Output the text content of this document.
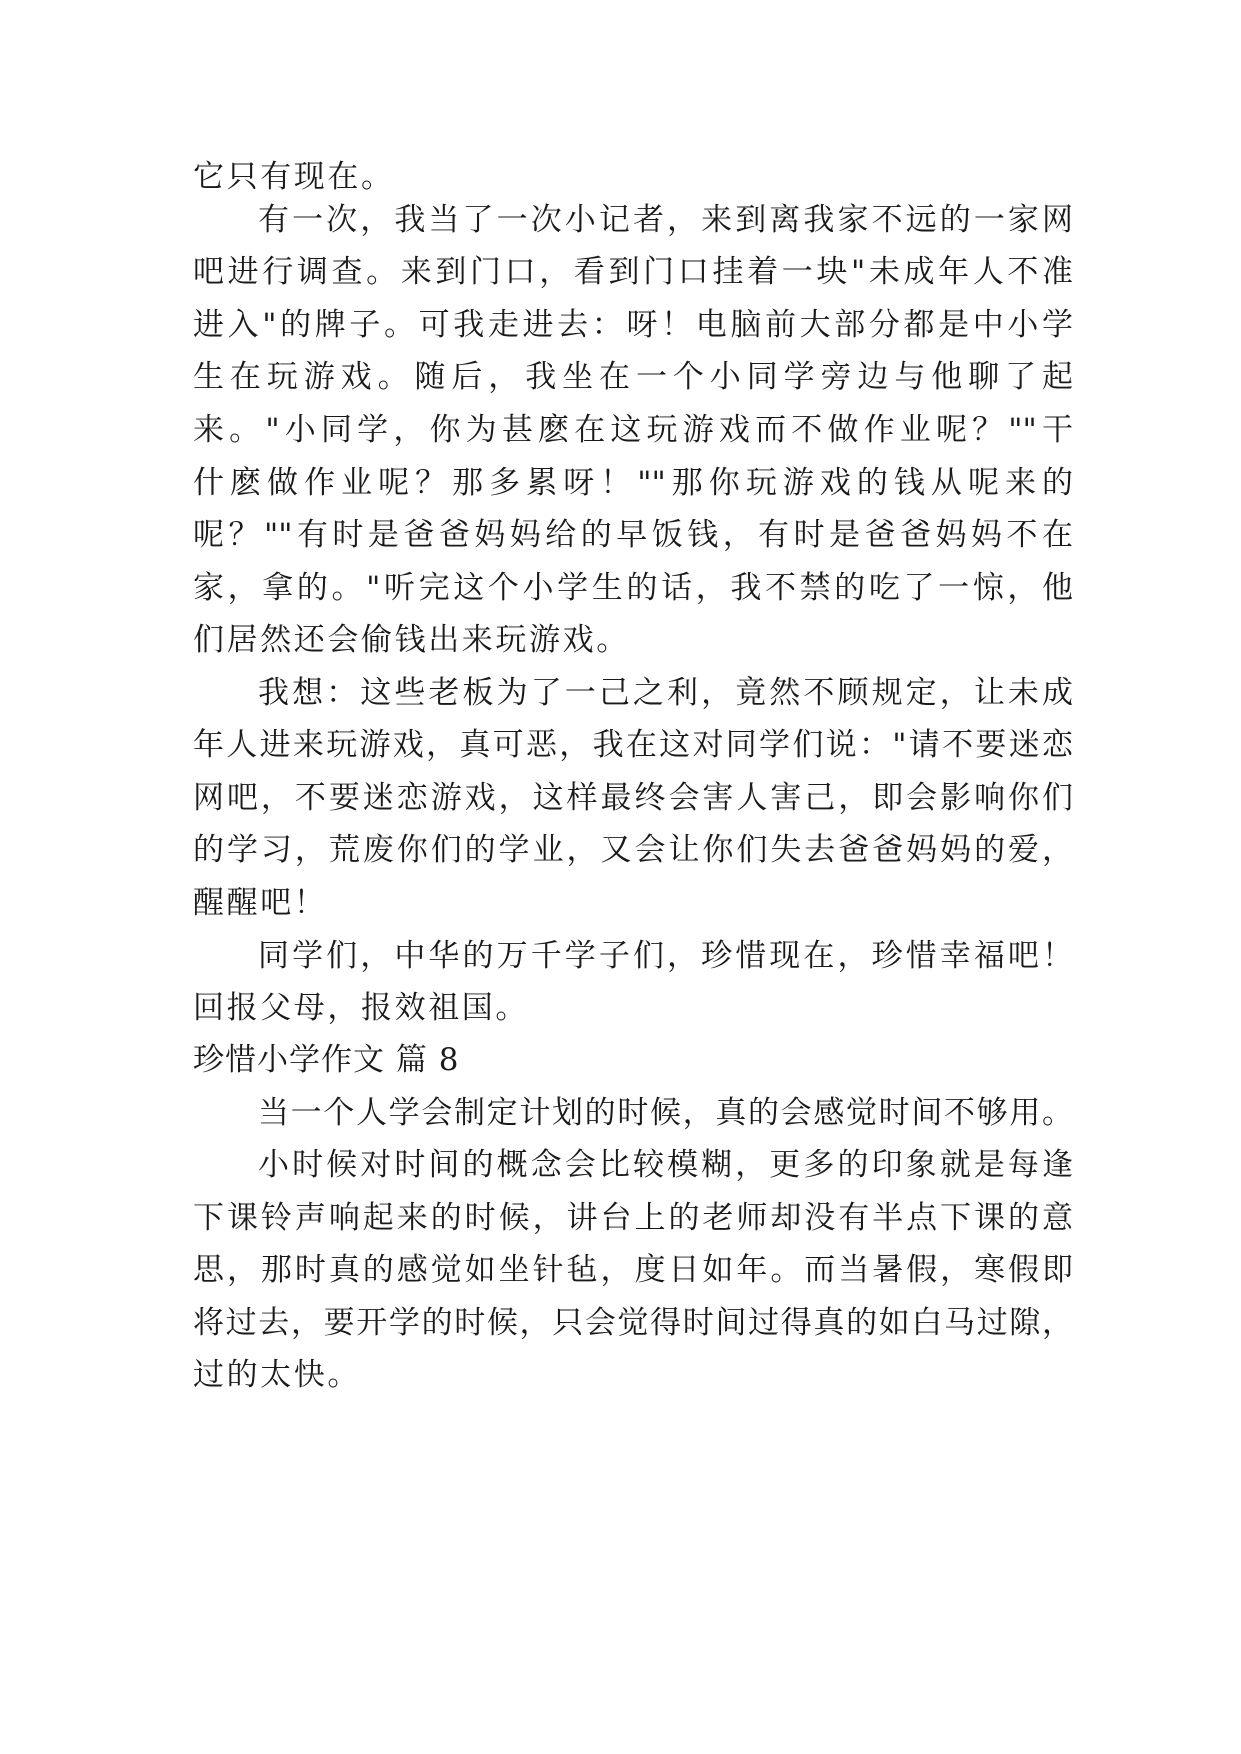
它只有现在。
有一次，我当了一次小记者，来到离我家不远的一家网
吧进行调查。来到门口，看到门口挂着一块"未成年人不准
进入"的牌子。可我走进去：呀！电脑前大部分都是中小学
生在玩游戏。随后，我坐在一个小同学旁边与他聊了起
来。"小同学，你为甚麽在这玩游戏而不做作业呢？""干
什麽做作业呢？那多累呀！""那你玩游戏的钱从呢来的
呢？""有时是爸爸妈妈给的早饭钱，有时是爸爸妈妈不在
家，拿的。"听完这个小学生的话，我不禁的吃了一惊，他
们居然还会偷钱出来玩游戏。
我想：这些老板为了一己之利，竟然不顾规定，让未成
年人进来玩游戏，真可恶，我在这对同学们说："请不要迷恋
网吧，不要迷恋游戏，这样最终会害人害己，即会影响你们
的学习，荒废你们的学业，又会让你们失去爸爸妈妈的爱，
醒醒吧！
同学们，中华的万千学子们，珍惜现在，珍惜幸福吧！
回报父母，报效祖国。
珍惜小学作文 篇 8
当一个人学会制定计划的时候，真的会感觉时间不够用。
小时候对时间的概念会比较模糊，更多的印象就是每逢
下课铃声响起来的时候，讲台上的老师却没有半点下课的意
思，那时真的感觉如坐针毡，度日如年。而当暑假，寒假即
将过去，要开学的时候，只会觉得时间过得真的如白马过隙，
过的太快。
